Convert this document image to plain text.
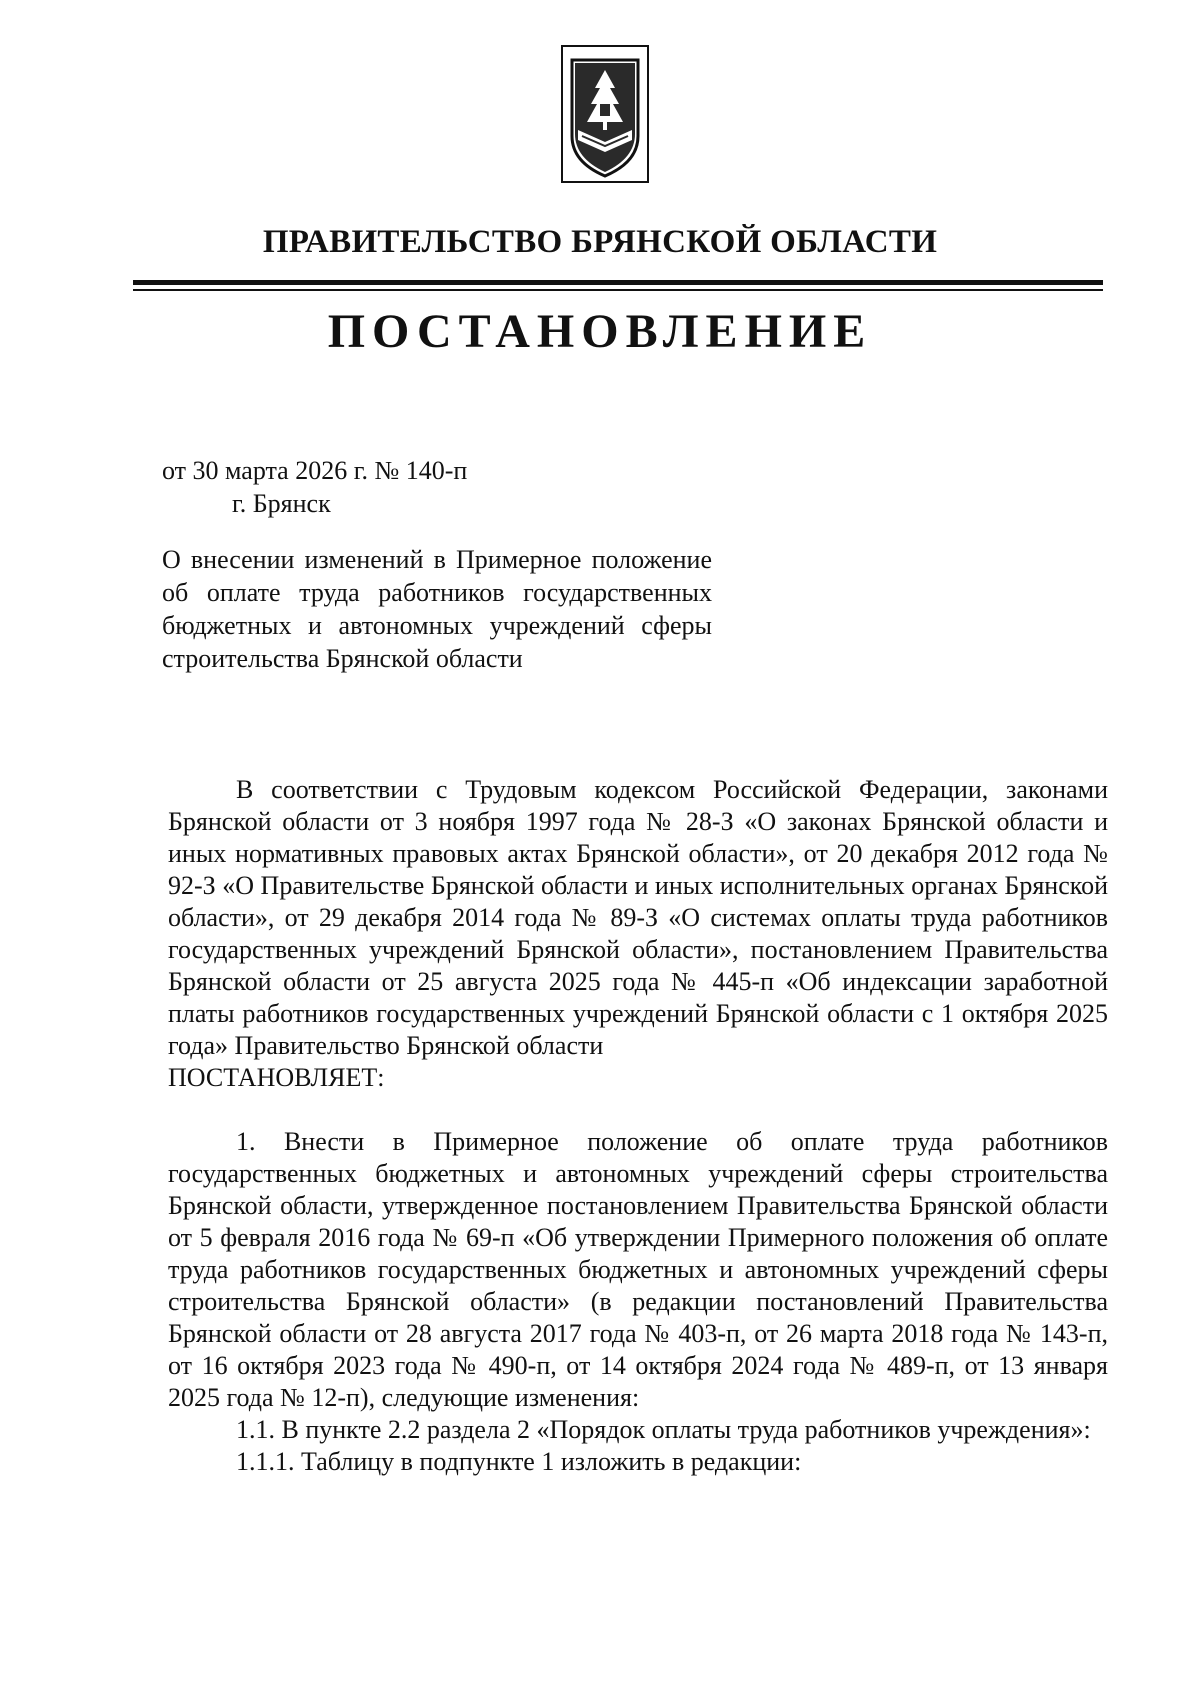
ПРАВИТЕЛЬСТВО БРЯНСКОЙ ОБЛАСТИ
ПОСТАНОВЛЕНИЕ
от 30 марта 2026 г. № 140-п
г. Брянск
О внесении изменений в Примерное положение об оплате труда работников государственных бюджетных и автономных учреждений сферы строительства Брянской области

В соответствии с Трудовым кодексом Российской Федерации, законами Брянской области от 3 ноября 1997 года № 28-З «О законах Брянской области и иных нормативных правовых актах Брянской области», от 20 декабря 2012 года № 92-З «О Правительстве Брянской области и иных исполнительных органах Брянской области», от 29 декабря 2014 года № 89-З «О системах оплаты труда работников государственных учреждений Брянской области», постановлением Правительства Брянской области от 25 августа 2025 года № 445-п «Об индексации заработной платы работников государственных учреждений Брянской области с 1 октября 2025 года» Правительство Брянской области

ПОСТАНОВЛЯЕТ:

1. Внести в Примерное положение об оплате труда работников государственных бюджетных и автономных учреждений сферы строительства Брянской области, утвержденное постановлением Правительства Брянской области от 5 февраля 2016 года № 69-п «Об утверждении Примерного положения об оплате труда работников государственных бюджетных и автономных учреждений сферы строительства Брянской области» (в редакции постановлений Правительства Брянской области от 28 августа 2017 года № 403-п, от 26 марта 2018 года № 143-п, от 16 октября 2023 года № 490-п, от 14 октября 2024 года № 489-п, от 13 января 2025 года № 12-п), следующие изменения:

1.1. В пункте 2.2 раздела 2 «Порядок оплаты труда работников учреждения»:

1.1.1. Таблицу в подпункте 1 изложить в редакции:
